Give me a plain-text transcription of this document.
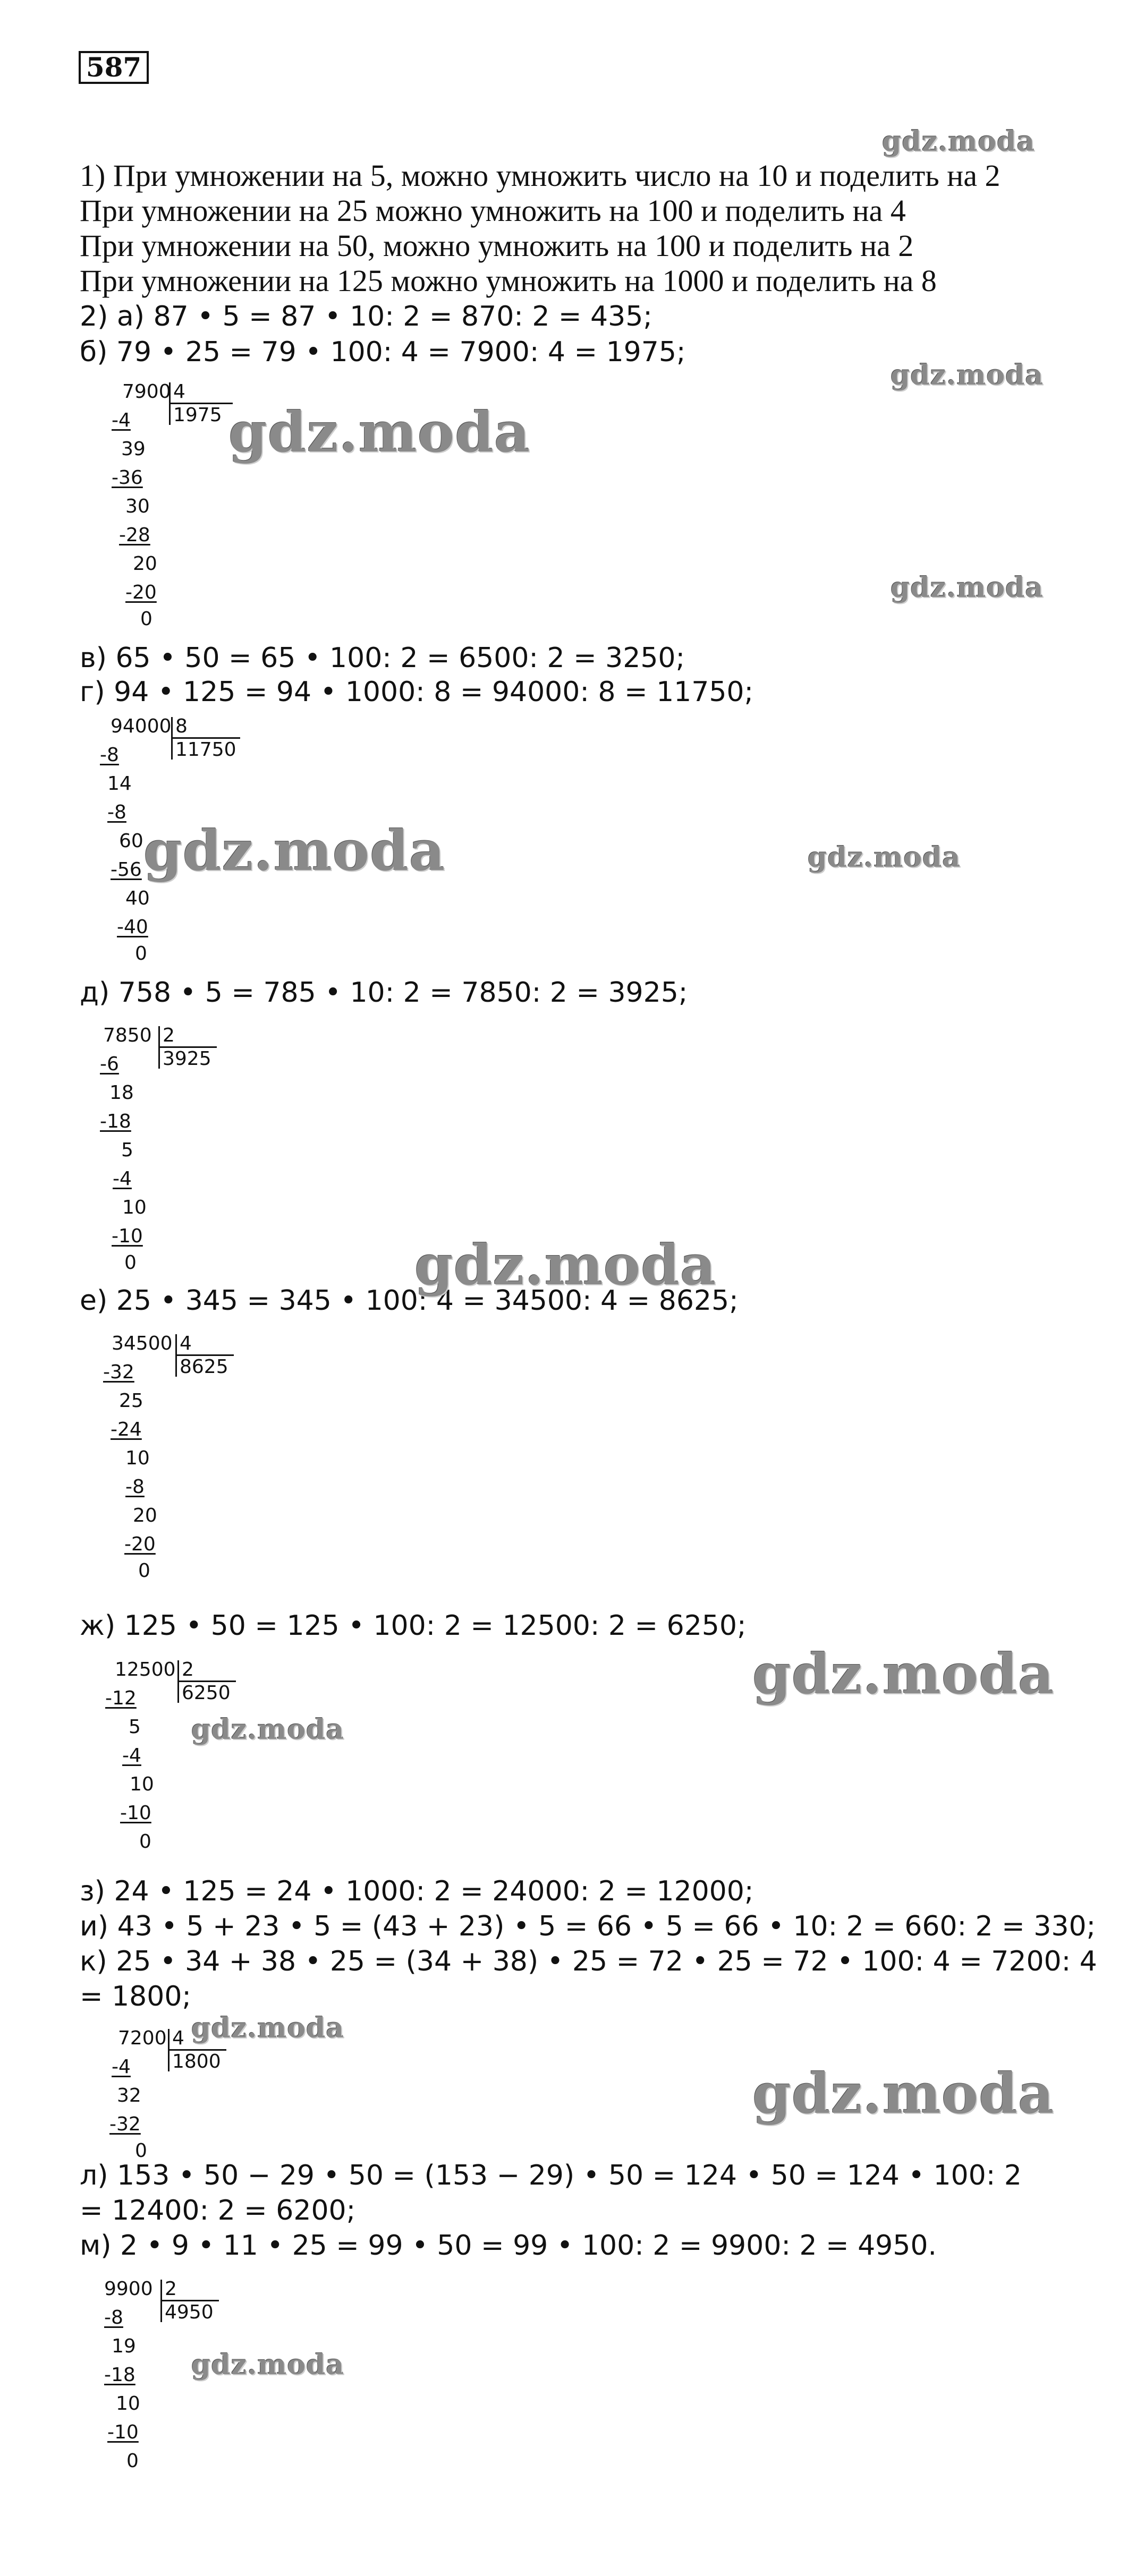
587
1) При умножении на 5, можно умножить число на 10 и поделить на 2
При умножении на 25 можно умножить на 100 и поделить на 4
При умножении на 50, можно умножить на 100 и поделить на 2
При умножении на 125 можно умножить на 1000 и поделить на 8
2) а) 87 • 5 = 87 • 10: 2 = 870: 2 = 435;
б) 79 • 25 = 79 • 100: 4 = 7900: 4 = 1975;
в) 65 • 50 = 65 • 100: 2 = 6500: 2 = 3250;
г) 94 • 125 = 94 • 1000: 8 = 94000: 8 = 11750;
д) 758 • 5 = 785 • 10: 2 = 7850: 2 = 3925;
е) 25 • 345 = 345 • 100: 4 = 34500: 4 = 8625;
ж) 125 • 50 = 125 • 100: 2 = 12500: 2 = 6250;
з) 24 • 125 = 24 • 1000: 2 = 24000: 2 = 12000;
и) 43 • 5 + 23 • 5 = (43 + 23) • 5 = 66 • 5 = 66 • 10: 2 = 660: 2 = 330;
к) 25 • 34 + 38 • 25 = (34 + 38) • 25 = 72 • 25 = 72 • 100: 4 = 7200: 4
= 1800;
л) 153 • 50 − 29 • 50 = (153 − 29) • 50 = 124 • 50 = 124 • 100: 2
= 12400: 2 = 6200;
м) 2 • 9 • 11 • 25 = 99 • 50 = 99 • 100: 2 = 9900: 2 = 4950.
7900 4
1975
-4
39
-36
30
-28
20
-20
0
94000 8
11750
-8
14
-8
60
-56
40
-40
0
7850 2
3925
-6
18
-18
5
-4
10
-10
0
34500 4
8625
-32
25
-24
10
-8
20
-20
0
12500 2
6250
-12
5
-4
10
-10
0
7200 4
1800
-4
32
-32
0
9900 2
4950
-8
19
-18
10
-10
0
gdz.moda
gdz.moda
gdz.moda
gdz.moda
gdz.moda	gdz.moda
gdz.moda
gdz.moda
gdz.moda
gdz.moda
gdz.moda
gdz.moda
